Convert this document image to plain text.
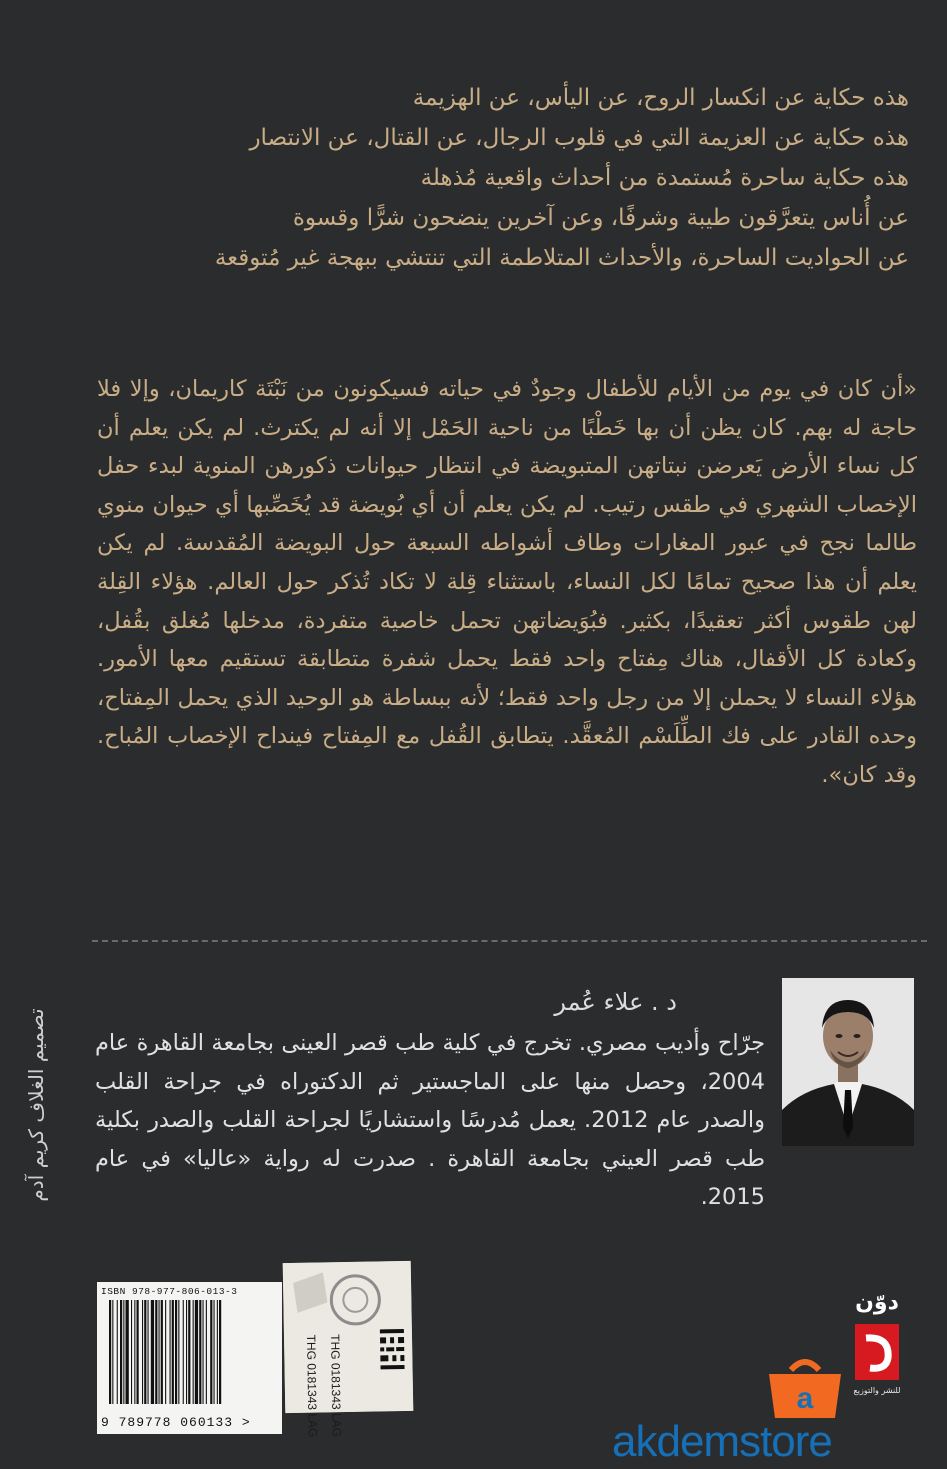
هذه حكاية عن انكسار الروح، عن اليأس، عن الهزيمة
هذه حكاية عن العزيمة التي في قلوب الرجال، عن القتال، عن الانتصار
هذه حكاية ساحرة مُستمدة من أحداث واقعية مُذهلة
عن أُناس يتعرَّقون طيبة وشرفًا، وعن آخرين ينضحون شرًّا وقسوة
عن الحواديت الساحرة، والأحداث المتلاطمة التي تنتشي ببهجة غير مُتوقعة
«أن كان في يوم من الأيام للأطفال وجودٌ في حياته فسيكونون من نَبْتَة كاريمان، وإلا فلا حاجة له بهم. كان يظن أن بها خَطْبًا من ناحية الحَمْل إلا أنه لم يكترث. لم يكن يعلم أن كل نساء الأرض يَعرضن نبتاتهن المتبويضة في انتظار حيوانات ذكورهن المنوية لبدء حفل الإخصاب الشهري في طقس رتيب. لم يكن يعلم أن أي بُويضة قد يُخَصِّبها أي حيوان منوي طالما نجح في عبور المغارات وطاف أشواطه السبعة حول البويضة المُقدسة. لم يكن يعلم أن هذا صحيح تمامًا لكل النساء، باستثناء قِلة لا تكاد تُذكر حول العالم. هؤلاء القِلة لهن طقوس أكثر تعقيدًا، بكثير. فبُوَيضاتهن تحمل خاصية متفردة، مدخلها مُغلق بقُفل، وكعادة كل الأقفال، هناك مِفتاح واحد فقط يحمل شفرة متطابقة تستقيم معها الأمور. هؤلاء النساء لا يحملن إلا من رجل واحد فقط؛ لأنه ببساطة هو الوحيد الذي يحمل المِفتاح، وحده القادر على فك الطِّلَسْم المُعقَّد. يتطابق القُفل مع المِفتاح فينداح الإخصاب المُباح. وقد كان».
د . علاء عُمر
جرّاح وأديب مصري. تخرج في كلية طب قصر العينى بجامعة القاهرة عام 2004، وحصل منها على الماجستير ثم الدكتوراه في جراحة القلب والصدر عام 2012. يعمل مُدرسًا واستشاريًا لجراحة القلب والصدر بكلية طب قصر العيني بجامعة القاهرة . صدرت له رواية «عاليا» في عام 2015.
تصميم الغلاف كريم آدم
ISBN 978-977-806-013-3
9 789778 060133 >	THG 0181343 LAG
THG 0181343 LAG
دوّن
للنشر والتوزيع
a
akdemstore
